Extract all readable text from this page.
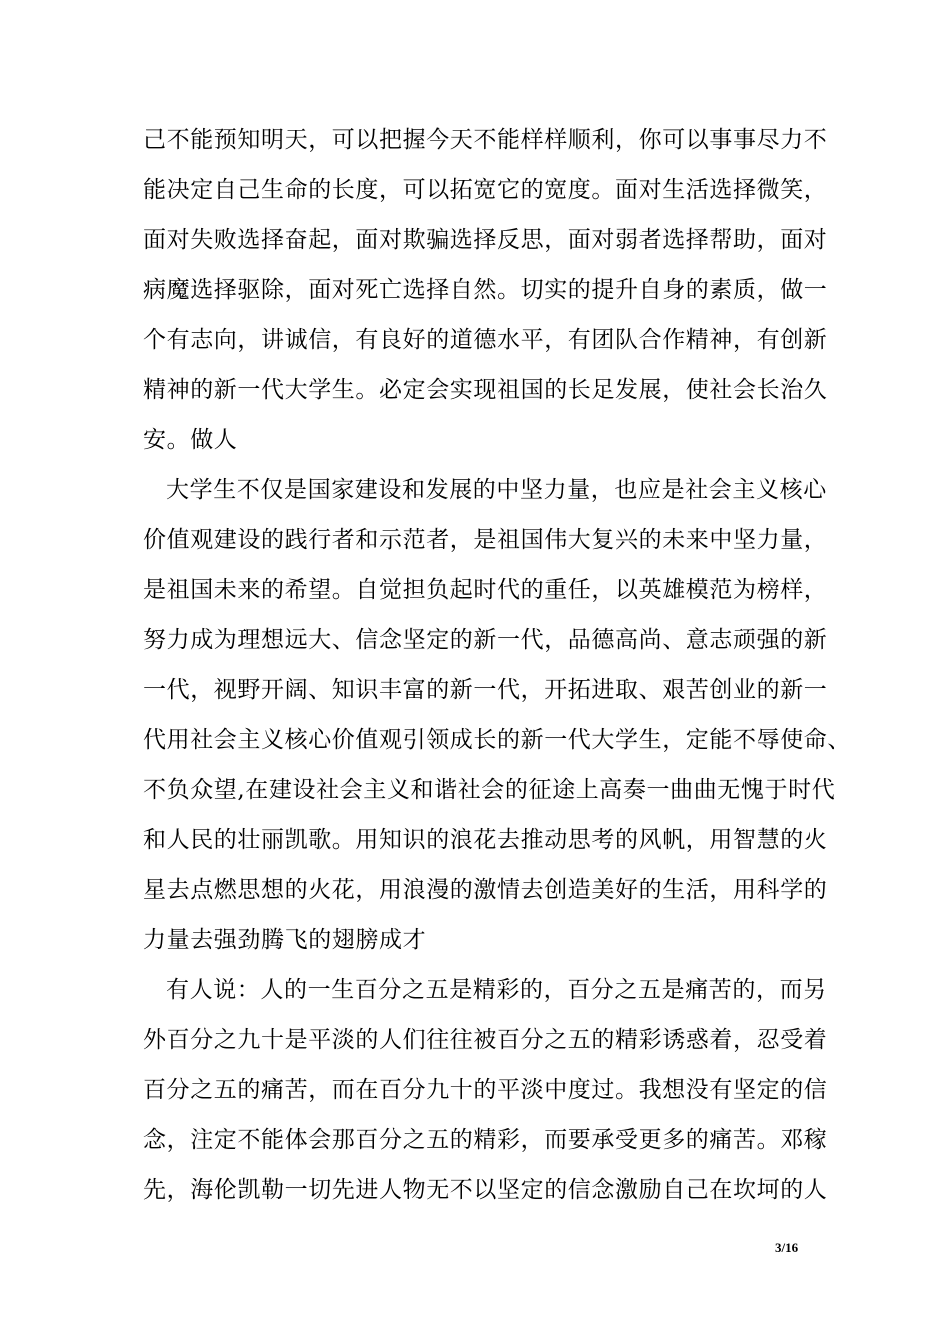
己不能预知明天，可以把握今天不能样样顺利，你可以事事尽力不
能决定自己生命的长度，可以拓宽它的宽度。面对生活选择微笑，
面对失败选择奋起，面对欺骗选择反思，面对弱者选择帮助，面对
病魔选择驱除，面对死亡选择自然。切实的提升自身的素质，做一
个有志向，讲诚信，有良好的道德水平，有团队合作精神，有创新
精神的新一代大学生。必定会实现祖国的长足发展，使社会长治久
安。做人
大学生不仅是国家建设和发展的中坚力量，也应是社会主义核心
价值观建设的践行者和示范者，是祖国伟大复兴的未来中坚力量，
是祖国未来的希望。自觉担负起时代的重任，以英雄模范为榜样，
努力成为理想远大、信念坚定的新一代，品德高尚、意志顽强的新
一代，视野开阔、知识丰富的新一代，开拓进取、艰苦创业的新一
代用社会主义核心价值观引领成长的新一代大学生，定能不辱使命、
不负众望,在建设社会主义和谐社会的征途上高奏一曲曲无愧于时代
和人民的壮丽凯歌。用知识的浪花去推动思考的风帆，用智慧的火
星去点燃思想的火花，用浪漫的激情去创造美好的生活，用科学的
力量去强劲腾飞的翅膀成才
有人说：人的一生百分之五是精彩的，百分之五是痛苦的，而另
外百分之九十是平淡的人们往往被百分之五的精彩诱惑着，忍受着
百分之五的痛苦，而在百分九十的平淡中度过。我想没有坚定的信
念，注定不能体会那百分之五的精彩，而要承受更多的痛苦。邓稼
先，海伦凯勒一切先进人物无不以坚定的信念激励自己在坎坷的人
3/16
